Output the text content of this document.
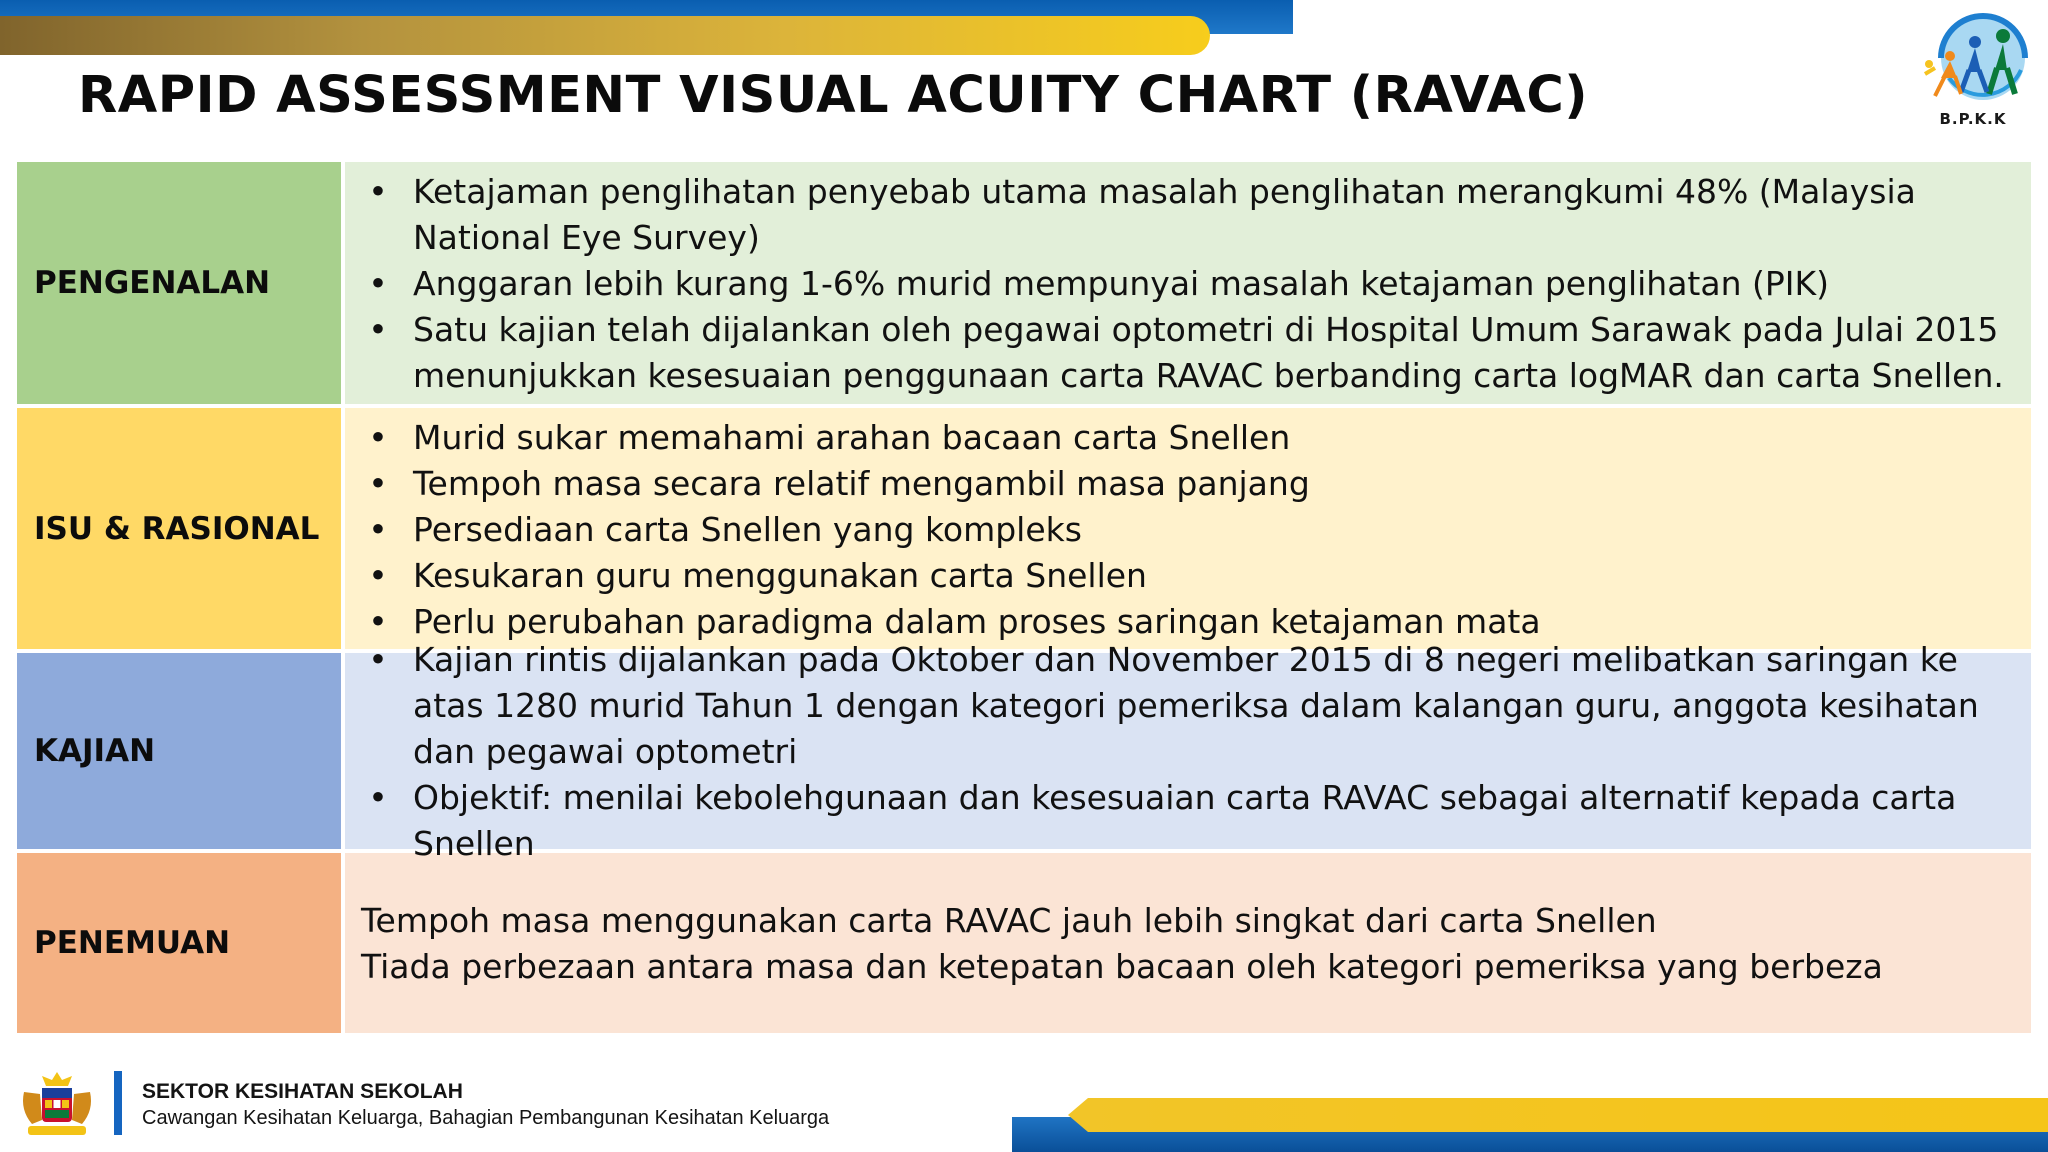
RAPID ASSESSMENT VISUAL ACUITY CHART (RAVAC)	B.P.K.K
PENGENALAN
• Ketajaman penglihatan penyebab utama masalah penglihatan merangkumi 48% (Malaysia National Eye Survey)
• Anggaran lebih kurang 1-6% murid mempunyai masalah ketajaman penglihatan (PIK)
• Satu kajian telah dijalankan oleh pegawai optometri di Hospital Umum Sarawak pada Julai 2015 menunjukkan kesesuaian penggunaan carta RAVAC berbanding carta logMAR dan carta Snellen.
ISU & RASIONAL
• Murid sukar memahami arahan bacaan carta Snellen
• Tempoh masa secara relatif mengambil masa panjang
• Persediaan carta Snellen yang kompleks
• Kesukaran guru menggunakan carta Snellen
• Perlu perubahan paradigma dalam proses saringan ketajaman mata
KAJIAN
• Kajian rintis dijalankan pada Oktober dan November 2015 di 8 negeri melibatkan saringan ke atas 1280 murid Tahun 1 dengan kategori pemeriksa dalam kalangan guru, anggota kesihatan dan pegawai optometri
• Objektif: menilai kebolehgunaan dan kesesuaian carta RAVAC sebagai alternatif kepada carta Snellen
PENEMUAN
Tempoh masa menggunakan carta RAVAC jauh lebih singkat dari carta Snellen
Tiada perbezaan antara masa dan ketepatan bacaan oleh kategori pemeriksa yang berbeza
SEKTOR KESIHATAN SEKOLAH
Cawangan Kesihatan Keluarga, Bahagian Pembangunan Kesihatan Keluarga
